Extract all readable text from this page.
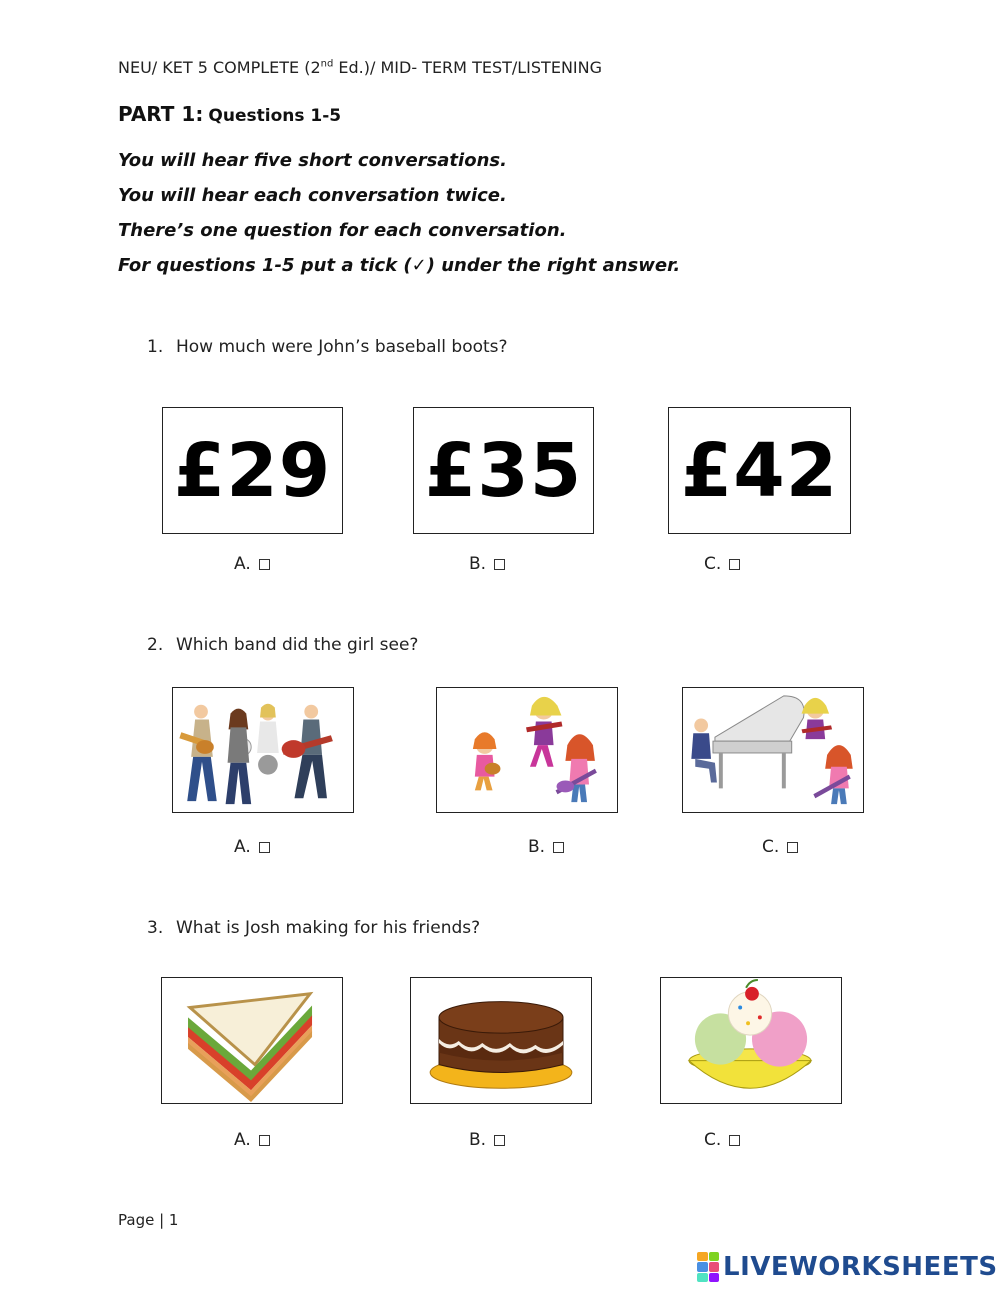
NEU/ KET 5 COMPLETE (2nd Ed.)/ MID- TERM TEST/LISTENING
PART 1: Questions 1-5
You will hear five short conversations.
You will hear each conversation twice.
There’s one question for each conversation.
For questions 1-5 put a tick (✓) under the right answer.
1. How much were John’s baseball boots?
£29 £35 £42
A.	B.	C.
2. Which band did the girl see?
A.	B.	C.
3. What is Josh making for his friends?
A.	B.	C.
Page | 1
LIVEWORKSHEETS
